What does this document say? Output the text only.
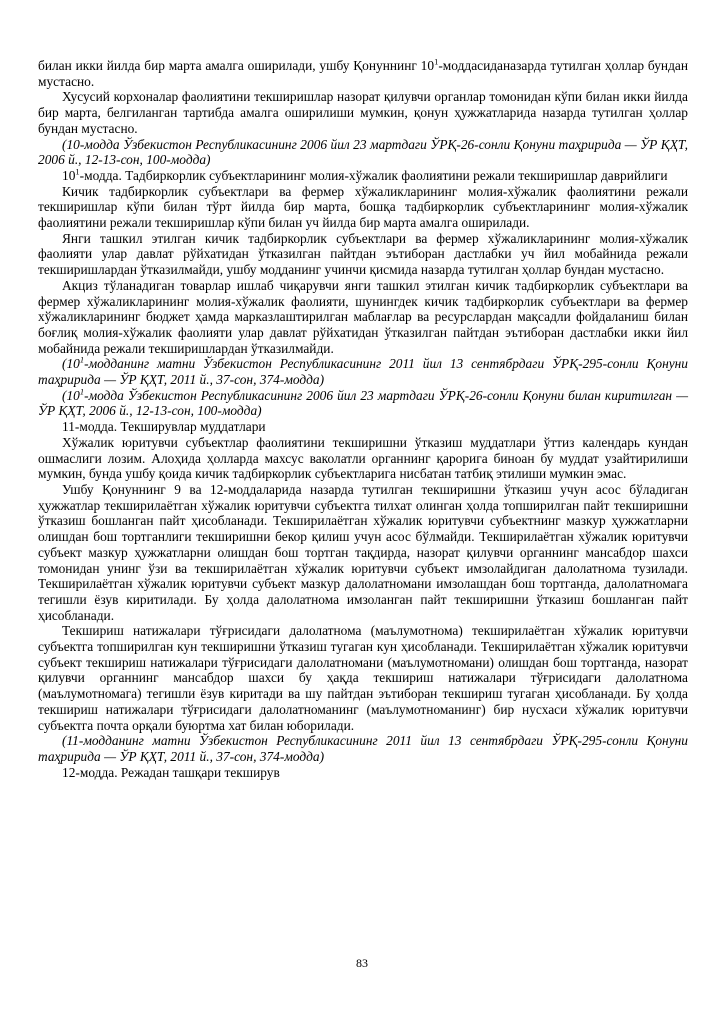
билан икки йилда бир марта амалга оширилади, ушбу Қонуннинг $10^1$-моддасиданазарда тутилган ҳоллар бундан мустасно.

Хусусий корхоналар фаолиятини текширишлар назорат қилувчи органлар томонидан кўпи билан икки йилда бир марта, белгиланган тартибда амалга оширилиши мумкин, қонун ҳужжатларида назарда тутилган ҳоллар бундан мустасно.

(10-модда Ўзбекистон Республикасининг 2006 йил 23 мартдаги ЎРҚ-26-сонли Қонуни таҳририда — ЎР ҚҲТ, 2006 й., 12-13-сон, 100-модда)

$10^1$-модда. Тадбиркорлик субъектларининг молия-хўжалик фаолиятини режали текширишлар даврийлиги

Кичик тадбиркорлик субъектлари ва фермер хўжаликларининг молия-хўжалик фаолиятини режали текширишлар кўпи билан тўрт йилда бир марта, бошқа тадбиркорлик субъектларининг молия-хўжалик фаолиятини режали текширишлар кўпи билан уч йилда бир марта амалга оширилади.

Янги ташкил этилган кичик тадбиркорлик субъектлари ва фермер хўжаликларининг молия-хўжалик фаолияти улар давлат рўйхатидан ўтказилган пайтдан эътиборан дастлабки уч йил мобайнида режали текширишлардан ўтказилмайди, ушбу модданинг учинчи қисмида назарда тутилган ҳоллар бундан мустасно.

Акциз тўланадиган товарлар ишлаб чиқарувчи янги ташкил этилган кичик тадбиркорлик субъектлари ва фермер хўжаликларининг молия-хўжалик фаолияти, шунингдек кичик тадбиркорлик субъектлари ва фермер хўжаликларининг бюджет ҳамда марказлаштирилган маблағлар ва ресурслардан мақсадли фойдаланиш билан боғлиқ молия-хўжалик фаолияти улар давлат рўйхатидан ўтказилган пайтдан эътиборан дастлабки икки йил мобайнида режали текширишлардан ўтказилмайди.

($10^1$-модданинг матни Ўзбекистон Республикасининг 2011 йил 13 сентябрдаги ЎРҚ-295-сонли Қонуни таҳририда — ЎР ҚҲТ, 2011 й., 37-сон, 374-модда)

($10^1$-модда Ўзбекистон Республикасининг 2006 йил 23 мартдаги ЎРҚ-26-сонли Қонуни билан киритилган — ЎР ҚҲТ, 2006 й., 12-13-сон, 100-модда)

11-модда. Текширувлар муддатлари

Хўжалик юритувчи субъектлар фаолиятини текширишни ўтказиш муддатлари ўттиз календарь кундан ошмаслиги лозим. Алоҳида ҳолларда махсус ваколатли органнинг қарорига биноан бу муддат узайтирилиши мумкин, бунда ушбу қоида кичик тадбиркорлик субъектларига нисбатан татбиқ этилиши мумкин эмас.

Ушбу Қонуннинг 9 ва 12-моддаларида назарда тутилган текширишни ўтказиш учун асос бўладиган ҳужжатлар текширилаётган хўжалик юритувчи субъектга тилхат олинган ҳолда топширилган пайт текширишни ўтказиш бошланган пайт ҳисобланади. Текширилаётган хўжалик юритувчи субъектнинг мазкур ҳужжатларни олишдан бош тортганлиги текширишни бекор қилиш учун асос бўлмайди. Текширилаётган хўжалик юритувчи субъект мазкур ҳужжатларни олишдан бош тортган тақдирда, назорат қилувчи органнинг мансабдор шахси томонидан унинг ўзи ва текширилаётган хўжалик юритувчи субъект имзолайдиган далолатнома тузилади. Текширилаётган хўжалик юритувчи субъект мазкур далолатномани имзолашдан бош тортганда, далолатномага тегишли ёзув киритилади. Бу ҳолда далолатнома имзоланган пайт текширишни ўтказиш бошланган пайт ҳисобланади.

Текшириш натижалари тўғрисидаги далолатнома (маълумотнома) текширилаётган хўжалик юритувчи субъектга топширилган кун текширишни ўтказиш тугаган кун ҳисобланади. Текширилаётган хўжалик юритувчи субъект текшириш натижалари тўғрисидаги далолатномани (маълумотномани) олишдан бош тортганда, назорат қилувчи органнинг мансабдор шахси бу ҳақда текшириш натижалари тўғрисидаги далолатнома (маълумотномага) тегишли ёзув киритади ва шу пайтдан эътиборан текшириш тугаган ҳисобланади. Бу ҳолда текшириш натижалари тўғрисидаги далолатноманинг (маълумотноманинг) бир нусхаси хўжалик юритувчи субъектга почта орқали буюртма хат билан юборилади.

(11-модданинг матни Ўзбекистон Республикасининг 2011 йил 13 сентябрдаги ЎРҚ-295-сонли Қонуни таҳририда — ЎР ҚҲТ, 2011 й., 37-сон, 374-модда)

12-модда. Режадан ташқари текширув

83
